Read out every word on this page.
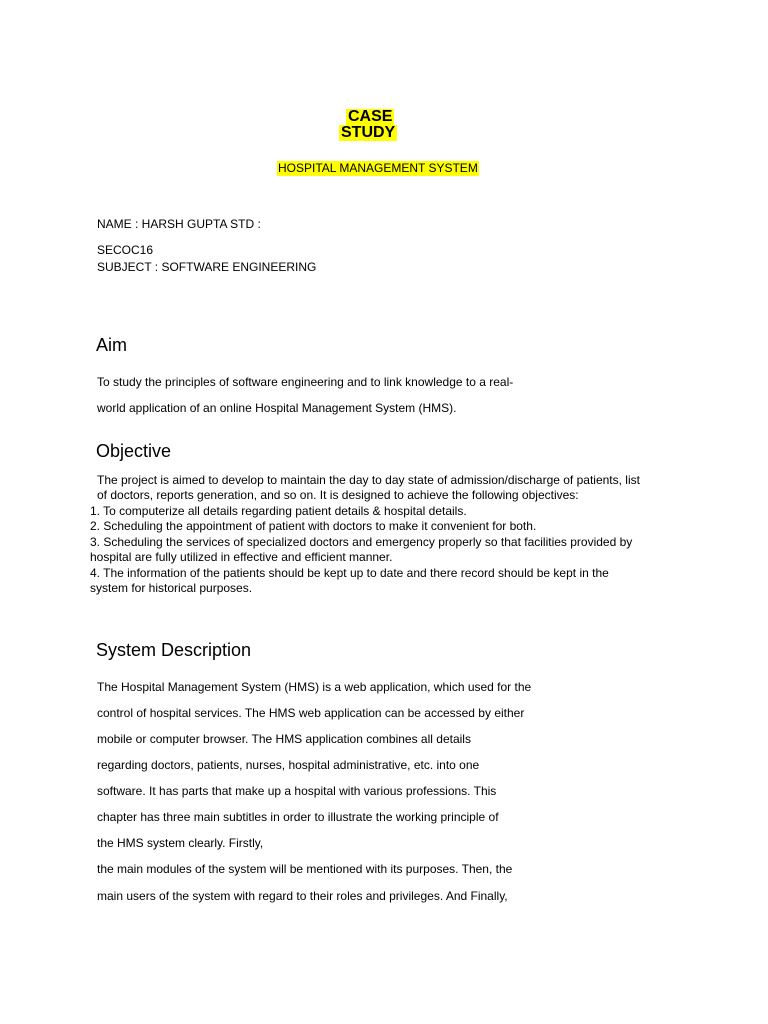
CASE
STUDY
HOSPITAL MANAGEMENT SYSTEM
NAME : HARSH GUPTA STD :
SECOC16
SUBJECT : SOFTWARE ENGINEERING
Aim
To study the principles of software engineering and to link knowledge to a real-
world application of an online Hospital Management System (HMS).
Objective
The project is aimed to develop to maintain the day to day state of admission/discharge of patients, list
of doctors, reports generation, and so on. It is designed to achieve the following objectives:
1. To computerize all details regarding patient details & hospital details.
2. Scheduling the appointment of patient with doctors to make it convenient for both.
3. Scheduling the services of specialized doctors and emergency properly so that facilities provided by
hospital are fully utilized in effective and efficient manner.
4. The information of the patients should be kept up to date and there record should be kept in the
system for historical purposes.
System Description
The Hospital Management System (HMS) is a web application, which used for the
control of hospital services. The HMS web application can be accessed by either
mobile or computer browser. The HMS application combines all details
regarding doctors, patients, nurses, hospital administrative, etc. into one
software. It has parts that make up a hospital with various professions. This
chapter has three main subtitles in order to illustrate the working principle of
the HMS system clearly. Firstly,
the main modules of the system will be mentioned with its purposes. Then, the
main users of the system with regard to their roles and privileges. And Finally,
